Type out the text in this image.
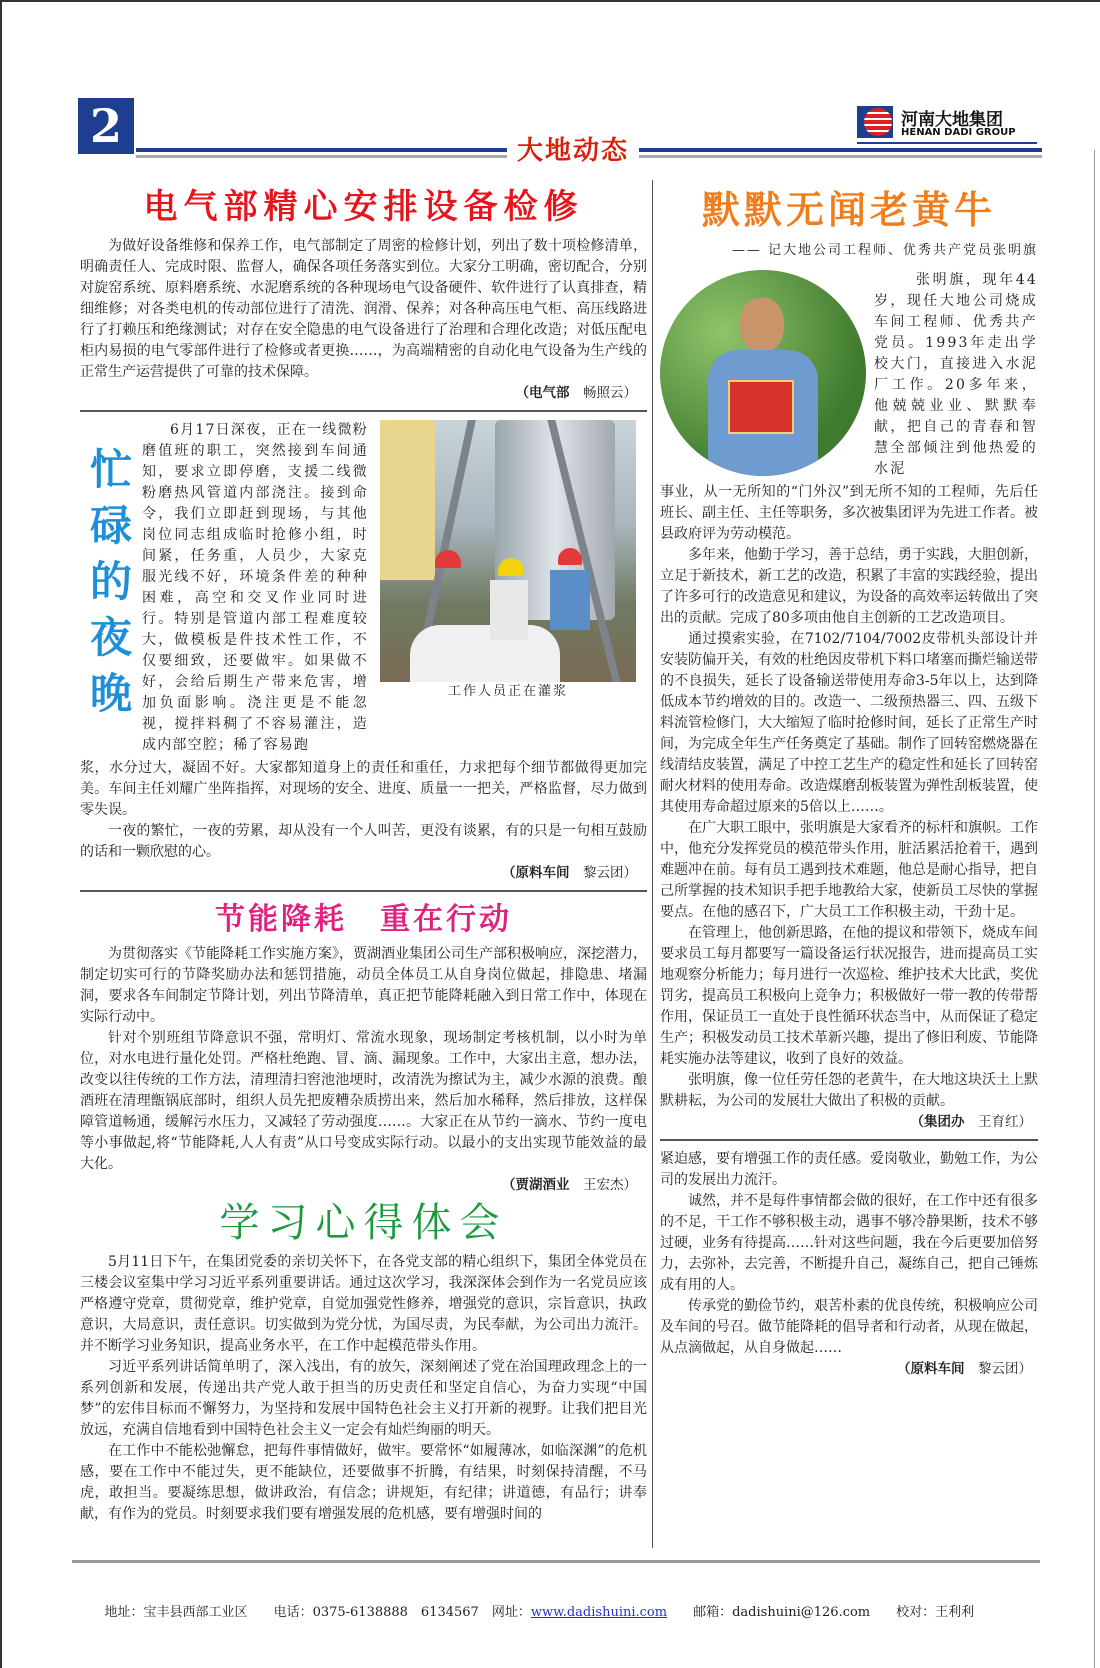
2	大地动态
河南大地集团
HENAN DADI GROUP
电气部精心安排设备检修

为做好设备维修和保养工作，电气部制定了周密的检修计划，列出了数十项检修清单，明确责任人、完成时限、监督人，确保各项任务落实到位。大家分工明确，密切配合，分别对旋窑系统、原料磨系统、水泥磨系统的各种现场电气设备硬件、软件进行了认真排查，精细维修；对各类电机的传动部位进行了清洗、润滑、保养；对各种高压电气柜、高压线路进行了打赖压和绝缘测试；对存在安全隐患的电气设备进行了治理和合理化改造；对低压配电柜内易损的电气零部件进行了检修或者更换……，为高端精密的自动化电气设备为生产线的正常生产运营提供了可靠的技术保障。

（电气部　 畅照云）
忙
碌
的
夜
晚

6月17日深夜，正在一线微粉磨值班的职工，突然接到车间通知，要求立即停磨，支援二线微粉磨热风管道内部浇注。接到命令，我们立即赶到现场，与其他岗位同志组成临时抢修小组，时间紧，任务重，人员少，大家克服光线不好，环境条件差的种种困难，高空和交叉作业同时进行。特别是管道内部工程难度较大，做模板是件技术性工作，不仅要细致，还要做牢。如果做不好，会给后期生产带来危害，增加负面影响。浇注更是不能忽视，搅拌料稠了不容易灌注，造成内部空腔；稀了容易跑

工作人员正在灌浆

浆，水分过大，凝固不好。大家都知道身上的责任和重任，力求把每个细节都做得更加完美。车间主任刘耀广坐阵指挥，对现场的安全、进度、质量一一把关，严格监督，尽力做到零失误。

一夜的繁忙，一夜的劳累，却从没有一个人叫苦，更没有谈累，有的只是一句相互鼓励的话和一颗欣慰的心。

（原料车间　 黎云团）
节能降耗　重在行动

为贯彻落实《节能降耗工作实施方案》，贾湖酒业集团公司生产部积极响应，深挖潜力，制定切实可行的节降奖励办法和惩罚措施，动员全体员工从自身岗位做起，排隐患、堵漏洞，要求各车间制定节降计划，列出节降清单，真正把节能降耗融入到日常工作中，体现在实际行动中。

针对个别班组节降意识不强，常明灯、常流水现象，现场制定考核机制，以小时为单位，对水电进行量化处罚。严格杜绝跑、冒、滴、漏现象。工作中，大家出主意，想办法，改变以往传统的工作方法，清理清扫窖池池埂时，改清洗为擦试为主，减少水源的浪费。酿酒班在清理甑锅底部时，组织人员先把废糟杂质捞出来，然后加水稀释，然后排放，这样保障管道畅通，缓解污水压力，又减轻了劳动强度……。大家正在从节约一滴水、节约一度电等小事做起,将“节能降耗,人人有责”从口号变成实际行动。以最小的支出实现节能效益的最大化。

（贾湖酒业　 王宏杰）
学习心得体会

5月11日下午，在集团党委的亲切关怀下，在各党支部的精心组织下，集团全体党员在三楼会议室集中学习习近平系列重要讲话。通过这次学习，我深深体会到作为一名党员应该严格遵守党章，贯彻党章，维护党章，自觉加强党性修养，增强党的意识，宗旨意识，执政意识，大局意识，责任意识。切实做到为党分忧，为国尽责，为民奉献，为公司出力流汗。并不断学习业务知识，提高业务水平，在工作中起模范带头作用。

习近平系列讲话简单明了，深入浅出，有的放矢，深刻阐述了党在治国理政理念上的一系列创新和发展，传递出共产党人敢于担当的历史责任和坚定自信心，为奋力实现“中国梦”的宏伟目标而不懈努力，为坚持和发展中国特色社会主义打开新的视野。让我们把目光放远，充满自信地看到中国特色社会主义一定会有灿烂绚丽的明天。

在工作中不能松弛懈怠，把每件事情做好，做牢。要常怀“如履薄冰，如临深渊”的危机感，要在工作中不能过失，更不能缺位，还要做事不折腾，有结果，时刻保持清醒，不马虎，敢担当。要凝练思想，做讲政治，有信念；讲规矩，有纪律；讲道德，有品行；讲奉献，有作为的党员。时刻要求我们要有增强发展的危机感，要有增强时间的

默默无闻老黄牛
—— 记大地公司工程师、优秀共产党员张明旗

张明旗，现年44岁，现任大地公司烧成车间工程师、优秀共产党员。1993年走出学校大门，直接进入水泥厂工作。20多年来，他兢兢业业、默默奉献，把自己的青春和智慧全部倾注到他热爱的水泥

事业，从一无所知的“门外汉”到无所不知的工程师，先后任班长、副主任、主任等职务，多次被集团评为先进工作者。被县政府评为劳动模范。

多年来，他勤于学习，善于总结，勇于实践，大胆创新，立足于新技术，新工艺的改造，积累了丰富的实践经验，提出了许多可行的改造意见和建议，为设备的高效率运转做出了突出的贡献。完成了80多项由他自主创新的工艺改造项目。

通过摸索实验，在7102/7104/7002皮带机头部设计并安装防偏开关，有效的杜绝因皮带机下料口堵塞而撕烂输送带的不良损失，延长了设备输送带使用寿命3-5年以上，达到降低成本节约增效的目的。改造一、二级预热器三、四、五级下料流管检修门，大大缩短了临时抢修时间，延长了正常生产时间，为完成全年生产任务奠定了基础。制作了回转窑燃烧器在线清结皮装置，满足了中控工艺生产的稳定性和延长了回转窑耐火材料的使用寿命。改造煤磨刮板装置为弹性刮板装置，使其使用寿命超过原来的5倍以上……。

在广大职工眼中，张明旗是大家看齐的标杆和旗帜。工作中，他充分发挥党员的模范带头作用，脏活累活抢着干，遇到难题冲在前。每有员工遇到技术难题，他总是耐心指导，把自己所掌握的技术知识手把手地教给大家，使新员工尽快的掌握要点。在他的感召下，广大员工工作积极主动，干劲十足。

在管理上，他创新思路，在他的提议和带领下，烧成车间要求员工每月都要写一篇设备运行状况报告，进而提高员工实地观察分析能力；每月进行一次巡检、维护技术大比武，奖优罚劣，提高员工积极向上竞争力；积极做好一带一教的传带帮作用，保证员工一直处于良性循环状态当中，从而保证了稳定生产；积极发动员工技术革新兴趣，提出了修旧利废、节能降耗实施办法等建议，收到了良好的效益。

张明旗，像一位任劳任怨的老黄牛，在大地这块沃土上默默耕耘，为公司的发展壮大做出了积极的贡献。

（集团办　 王育红）

紧迫感，要有增强工作的责任感。爱岗敬业，勤勉工作，为公司的发展出力流汗。

诚然，并不是每件事情都会做的很好，在工作中还有很多的不足，干工作不够积极主动，遇事不够冷静果断，技术不够过硬，业务有待提高……针对这些问题，我在今后更要加倍努力，去弥补，去完善，不断提升自己，凝练自己，把自己锤炼成有用的人。

传承党的勤俭节约，艰苦朴素的优良传统，积极响应公司及车间的号召。做节能降耗的倡导者和行动者，从现在做起，从点滴做起，从自身做起……

（原料车间　 黎云团）

地址：宝丰县西部工业区　　 电话：0375-6138888　6134567　 网址：www.dadishuini.com　　 邮箱：dadishuini@126.com　　 校对：王利利
